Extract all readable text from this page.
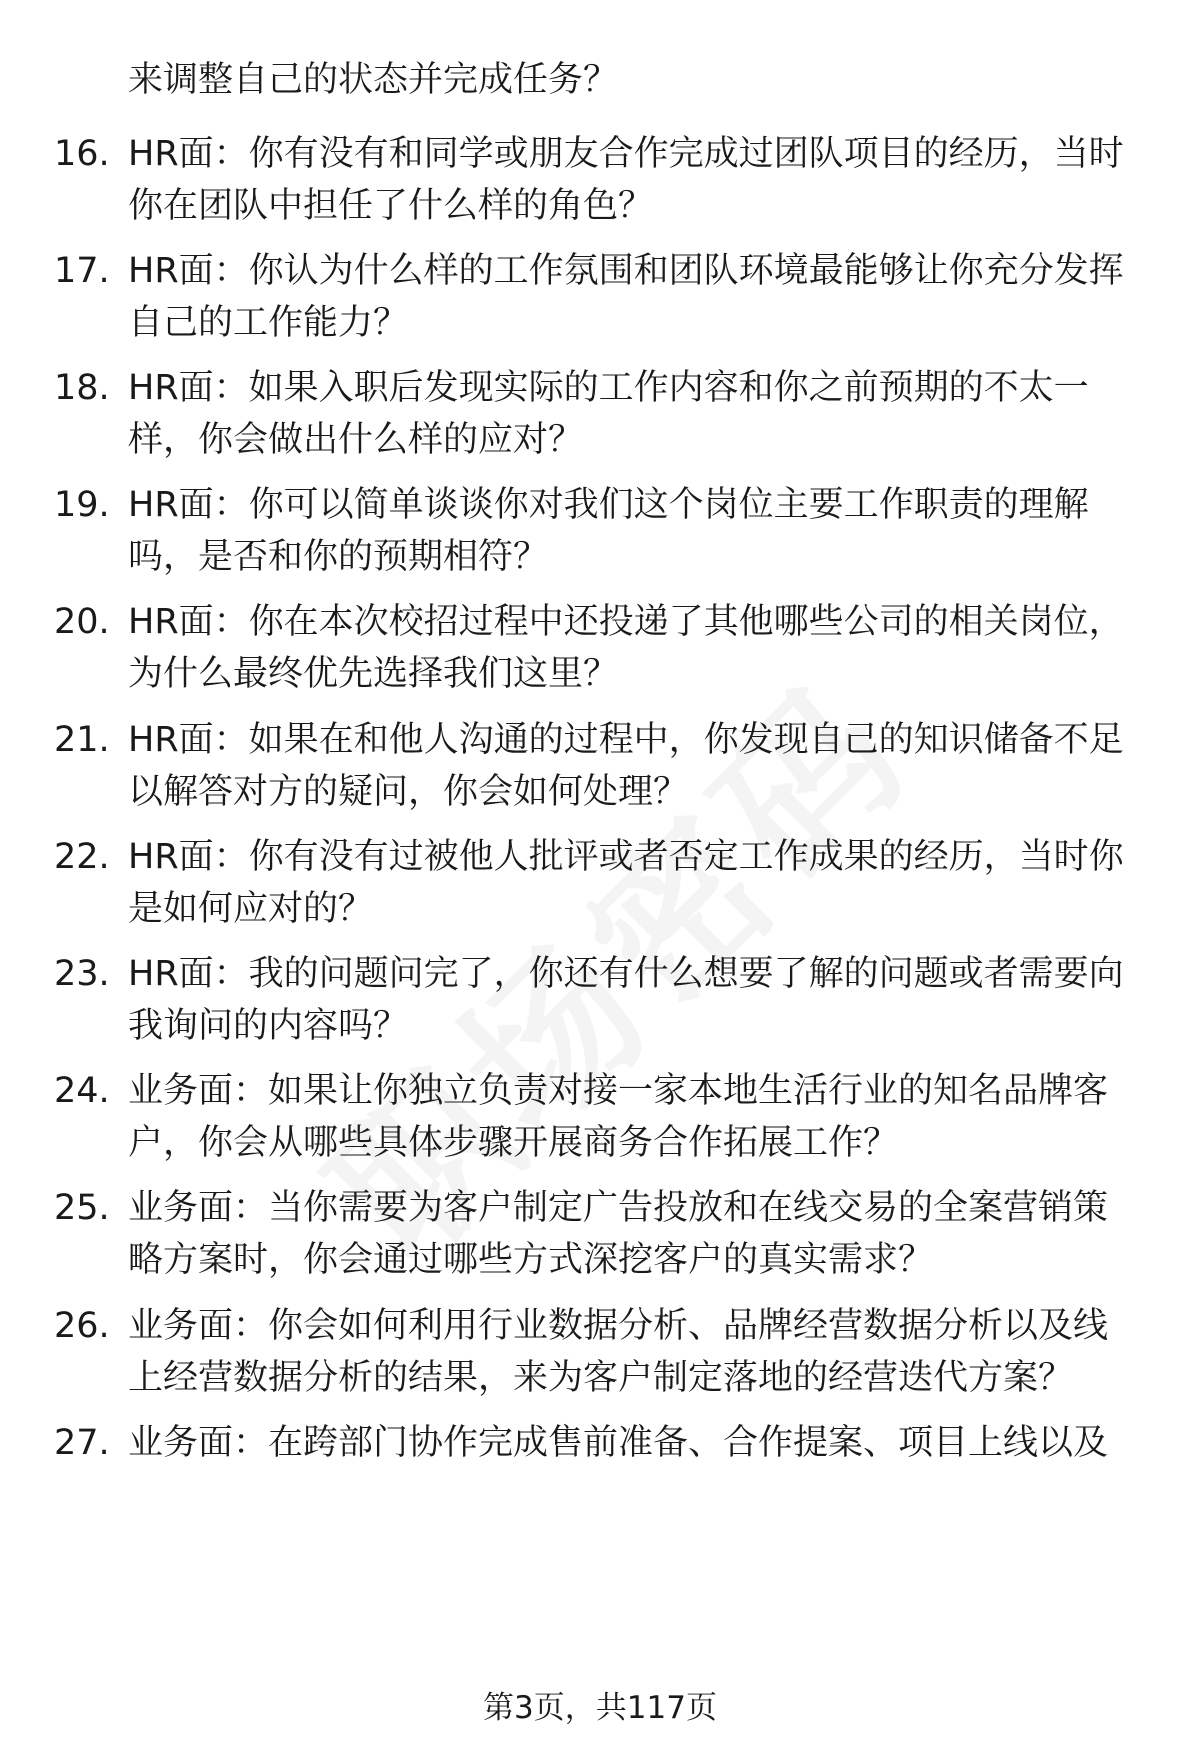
来调整自己的状态并完成任务？
16. HR面：你有没有和同学或朋友合作完成过团队项目的经历，当时
你在团队中担任了什么样的角色？
17. HR面：你认为什么样的工作氛围和团队环境最能够让你充分发挥
自己的工作能力？
18. HR面：如果入职后发现实际的工作内容和你之前预期的不太一
样，你会做出什么样的应对？
19. HR面：你可以简单谈谈你对我们这个岗位主要工作职责的理解
吗，是否和你的预期相符？
20. HR面：你在本次校招过程中还投递了其他哪些公司的相关岗位，
为什么最终优先选择我们这里？
21. HR面：如果在和他人沟通的过程中，你发现自己的知识储备不足
以解答对方的疑问，你会如何处理？
22. HR面：你有没有过被他人批评或者否定工作成果的经历，当时你
是如何应对的？
23. HR面：我的问题问完了，你还有什么想要了解的问题或者需要向
我询问的内容吗？
24. 业务面：如果让你独立负责对接一家本地生活行业的知名品牌客
户，你会从哪些具体步骤开展商务合作拓展工作？
25. 业务面：当你需要为客户制定广告投放和在线交易的全案营销策
略方案时，你会通过哪些方式深挖客户的真实需求？
26. 业务面：你会如何利用行业数据分析、品牌经营数据分析以及线
上经营数据分析的结果，来为客户制定落地的经营迭代方案？
27. 业务面：在跨部门协作完成售前准备、合作提案、项目上线以及
第3页，共117页
